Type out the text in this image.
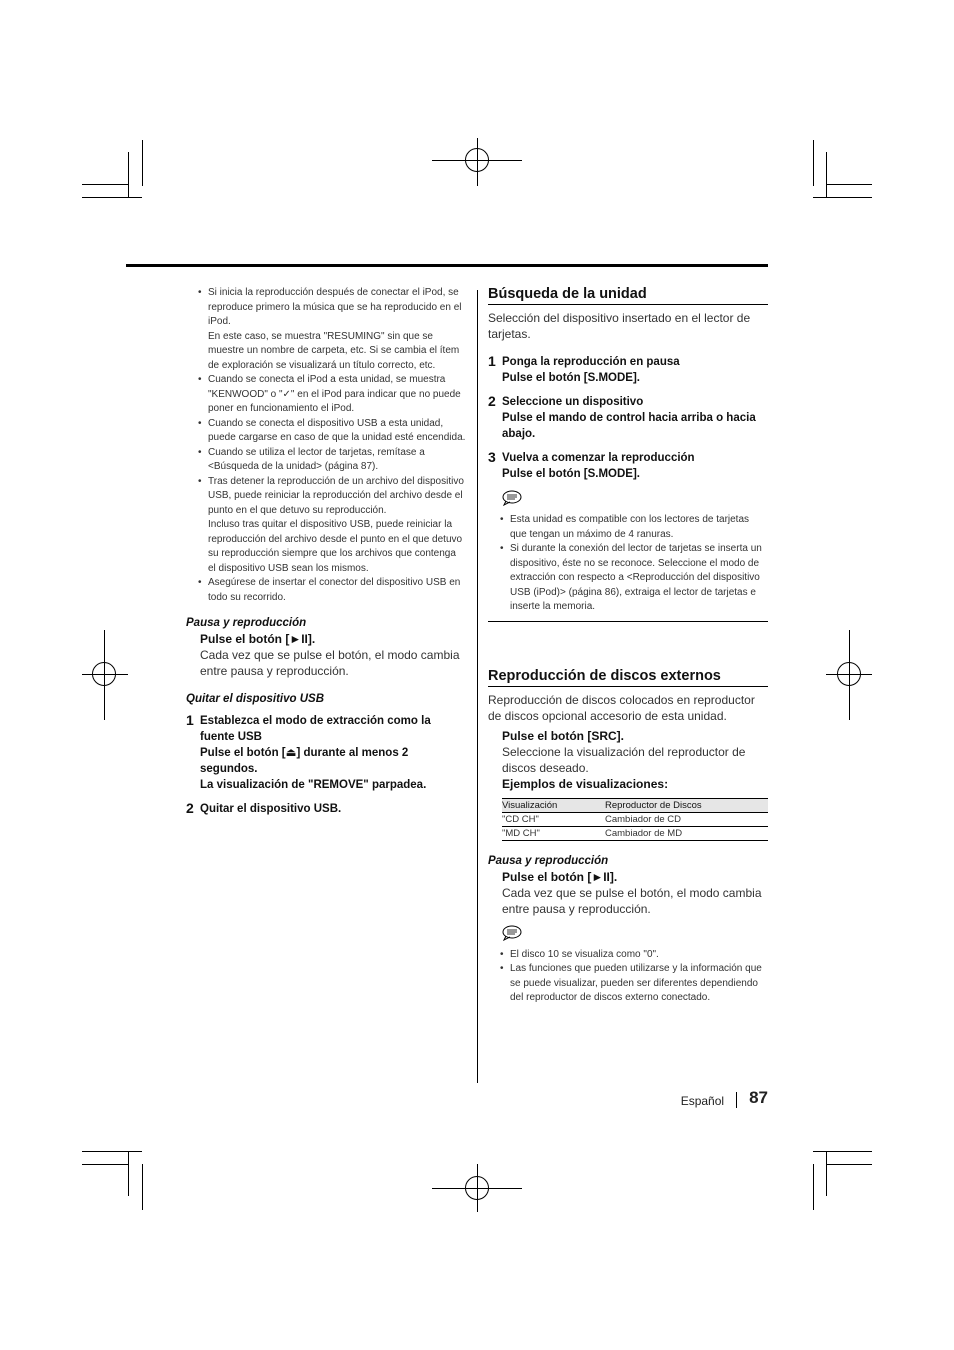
• Si inicia la reproducción después de conectar el iPod, se reproduce primero la música que se ha reproducido en el iPod.
En este caso, se muestra "RESUMING" sin que se muestre un nombre de carpeta, etc. Si se cambia el ítem de exploración se visualizará un título correcto, etc.
• Cuando se conecta el iPod a esta unidad, se muestra "KENWOOD" o "✓" en el iPod para indicar que no puede poner en funcionamiento el iPod.
• Cuando se conecta el dispositivo USB a esta unidad, puede cargarse en caso de que la unidad esté encendida.
• Cuando se utiliza el lector de tarjetas, remítase a <Búsqueda de la unidad> (página 87).
• Tras detener la reproducción de un archivo del dispositivo USB, puede reiniciar la reproducción del archivo desde el punto en el que detuvo su reproducción.
Incluso tras quitar el dispositivo USB, puede reiniciar la reproducción del archivo desde el punto en el que detuvo su reproducción siempre que los archivos que contenga el dispositivo USB sean los mismos.
• Asegúrese de insertar el conector del dispositivo USB en todo su recorrido.
Pausa y reproducción
Pulse el botón [►II].
Cada vez que se pulse el botón, el modo cambia entre pausa y reproducción.
Quitar el dispositivo USB
1 Establezca el modo de extracción como la fuente USB
Pulse el botón [⏏] durante al menos 2 segundos.
La visualización de "REMOVE" parpadea.
2 Quitar el dispositivo USB.
Búsqueda de la unidad
Selección del dispositivo insertado en el lector de tarjetas.
1 Ponga la reproducción en pausa
Pulse el botón [S.MODE].
2 Seleccione un dispositivo
Pulse el mando de control hacia arriba o hacia abajo.
3 Vuelva a comenzar la reproducción
Pulse el botón [S.MODE].
• Esta unidad es compatible con los lectores de tarjetas que tengan un máximo de 4 ranuras.
• Si durante la conexión del lector de tarjetas se inserta un dispositivo, éste no se reconoce. Seleccione el modo de extracción con respecto a <Reproducción del dispositivo USB (iPod)> (página 86), extraiga el lector de tarjetas e inserte la memoria.
Reproducción de discos externos
Reproducción de discos colocados en reproductor de discos opcional accesorio de esta unidad.
Pulse el botón [SRC].
Seleccione la visualización del reproductor de discos deseado.
Ejemplos de visualizaciones:
Visualización	Reproductor de Discos
"CD CH"	Cambiador de CD
"MD CH"	Cambiador de MD
Pausa y reproducción
Pulse el botón [►II].
Cada vez que se pulse el botón, el modo cambia entre pausa y reproducción.
• El disco 10 se visualiza como "0".
• Las funciones que pueden utilizarse y la información que se puede visualizar, pueden ser diferentes dependiendo del reproductor de discos externo conectado.
Español 87
